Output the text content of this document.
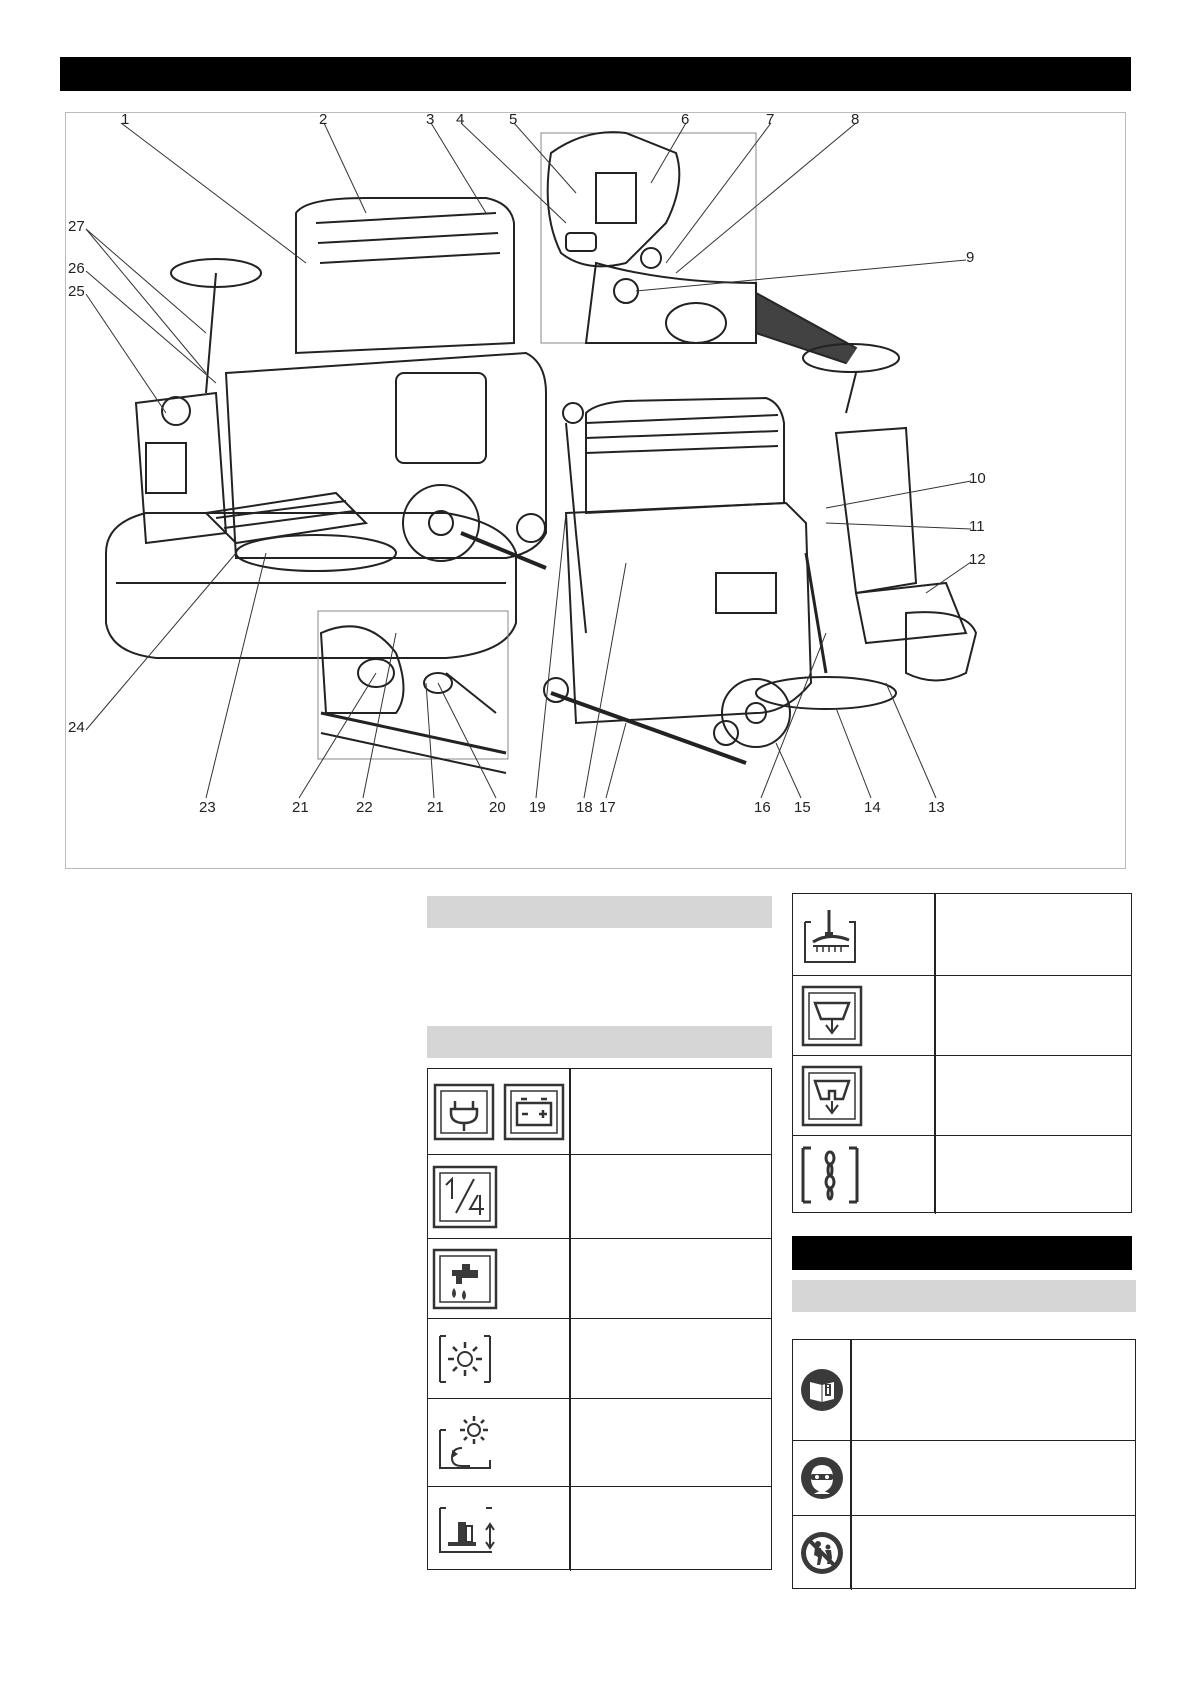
1	2	3 4	5	6	7	8
9
10
11
12
13
14
15
16
17
18
19
20
21
22
21
23
24
25
26
27
